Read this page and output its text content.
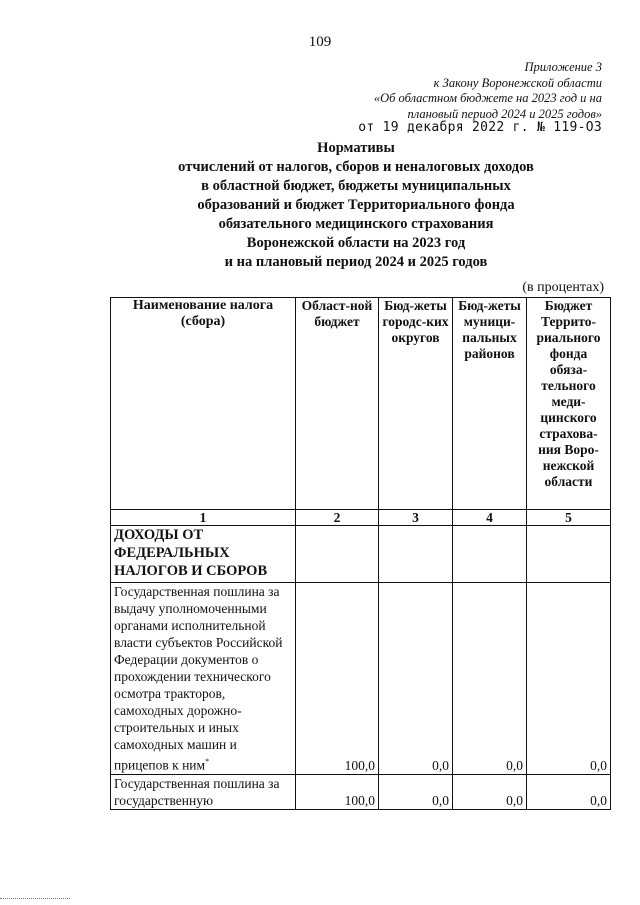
109
Приложение 3
к Закону Воронежской области
«Об областном бюджете на 2023 год и на
плановый период 2024 и 2025 годов»
от 19 декабря 2022 г. № 119-ОЗ
Нормативы
отчислений от налогов, сборов и неналоговых доходов
в областной бюджет, бюджеты муниципальных
образований и бюджет Территориального фонда
обязательного медицинского страхования
Воронежской области на 2023 год
и на плановый период 2024 и 2025 годов
(в процентах)
Наименование налога (сбора)	Област-ной бюджет	Бюд-жеты городс-ких округов	Бюд-жеты муници-пальных районов	Бюджет Террито-риального фонда обяза-тельного меди-цинского страхова-ния Воро-нежской области
1	2	3	4	5
ДОХОДЫ ОТ ФЕДЕРАЛЬНЫХ НАЛОГОВ И СБОРОВ				
Государственная пошлина за выдачу уполномоченными органами исполнительной власти субъектов Российской Федерации документов о прохождении технического осмотра тракторов, самоходных дорожно-строительных и иных самоходных машин и прицепов к ним*	100,0	0,0	0,0	0,0
Государственная пошлина за государственную	100,0	0,0	0,0	0,0
